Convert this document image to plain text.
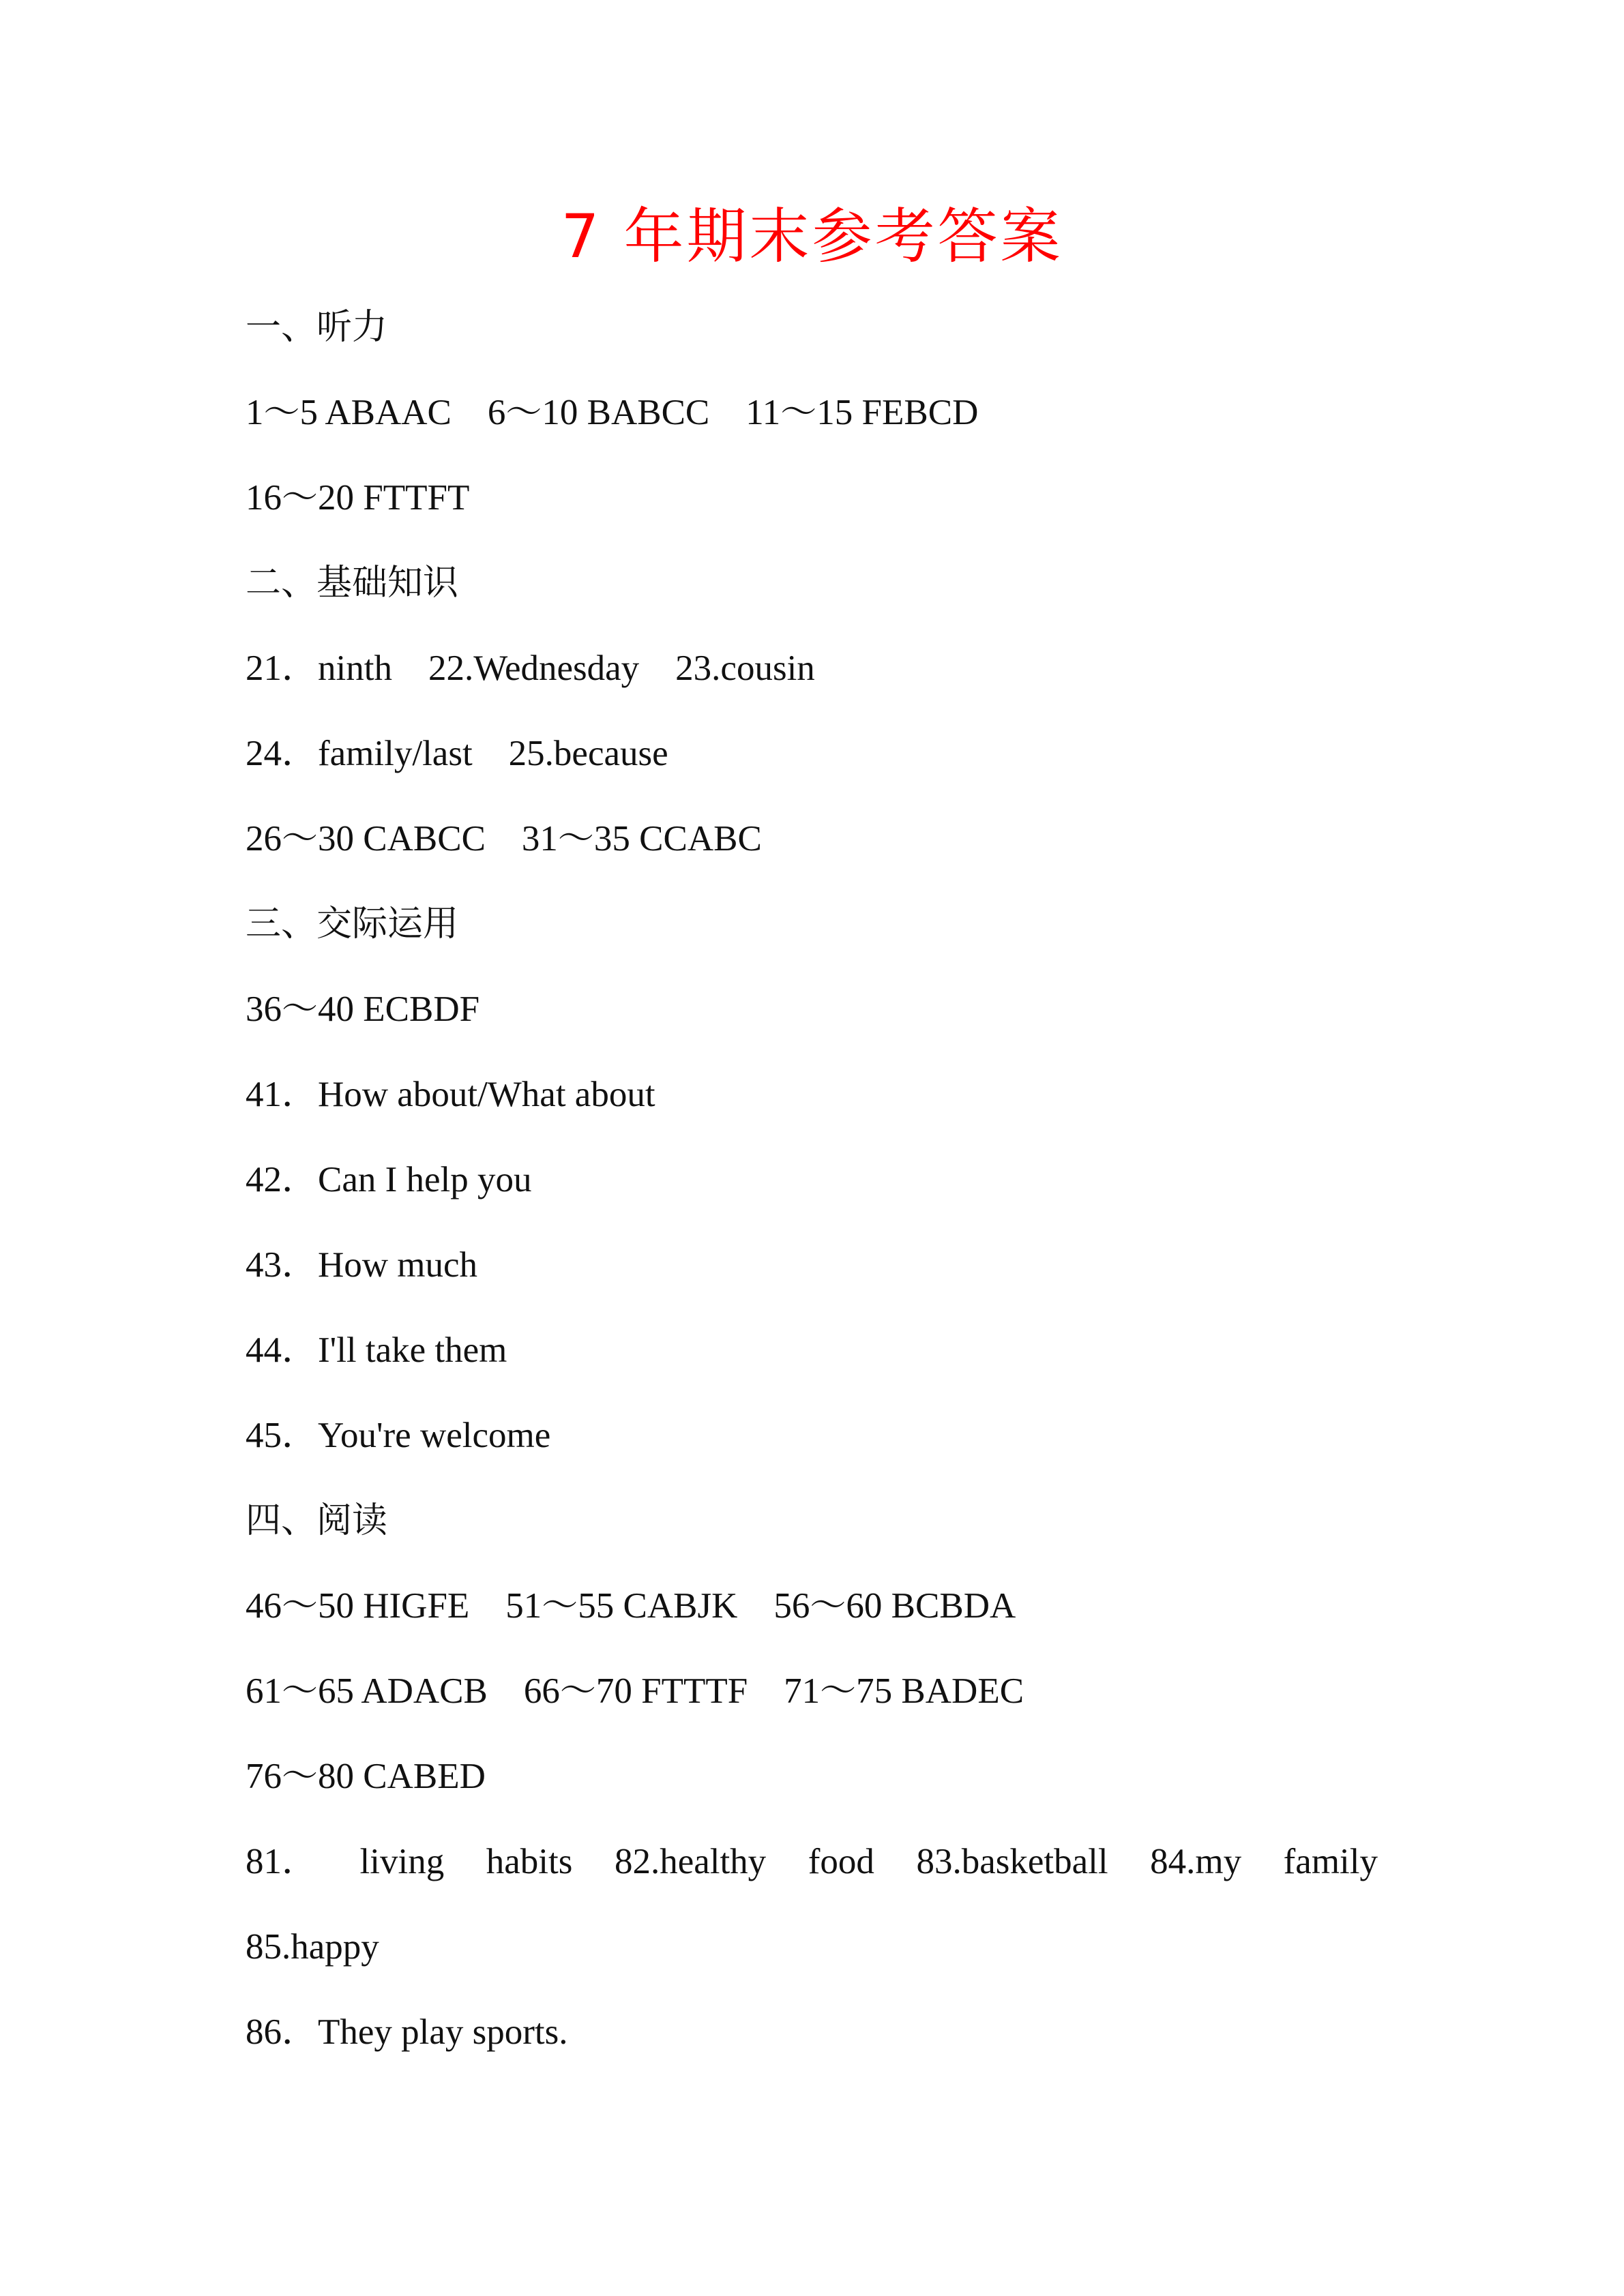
7 年期末参考答案
一、听力
1～5 ABAAC    6～10 BABCC    11～15 FEBCD
16～20 FTTFT
二、基础知识
21．ninth    22.Wednesday    23.cousin
24．family/last    25.because
26～30 CABCC    31～35 CCABC
三、交际运用
36～40 ECBDF
41．How about/What about
42．Can I help you
43．How much
44．I'll take them
45．You're welcome
四、阅读
46～50 HIGFE    51～55 CABJK    56～60 BCBDA
61～65 ADACB    66～70 FTTTF    71～75 BADEC
76～80 CABED
81． living habits 82.healthy food 83.basketball 84.my family
85.happy
86．They play sports.
